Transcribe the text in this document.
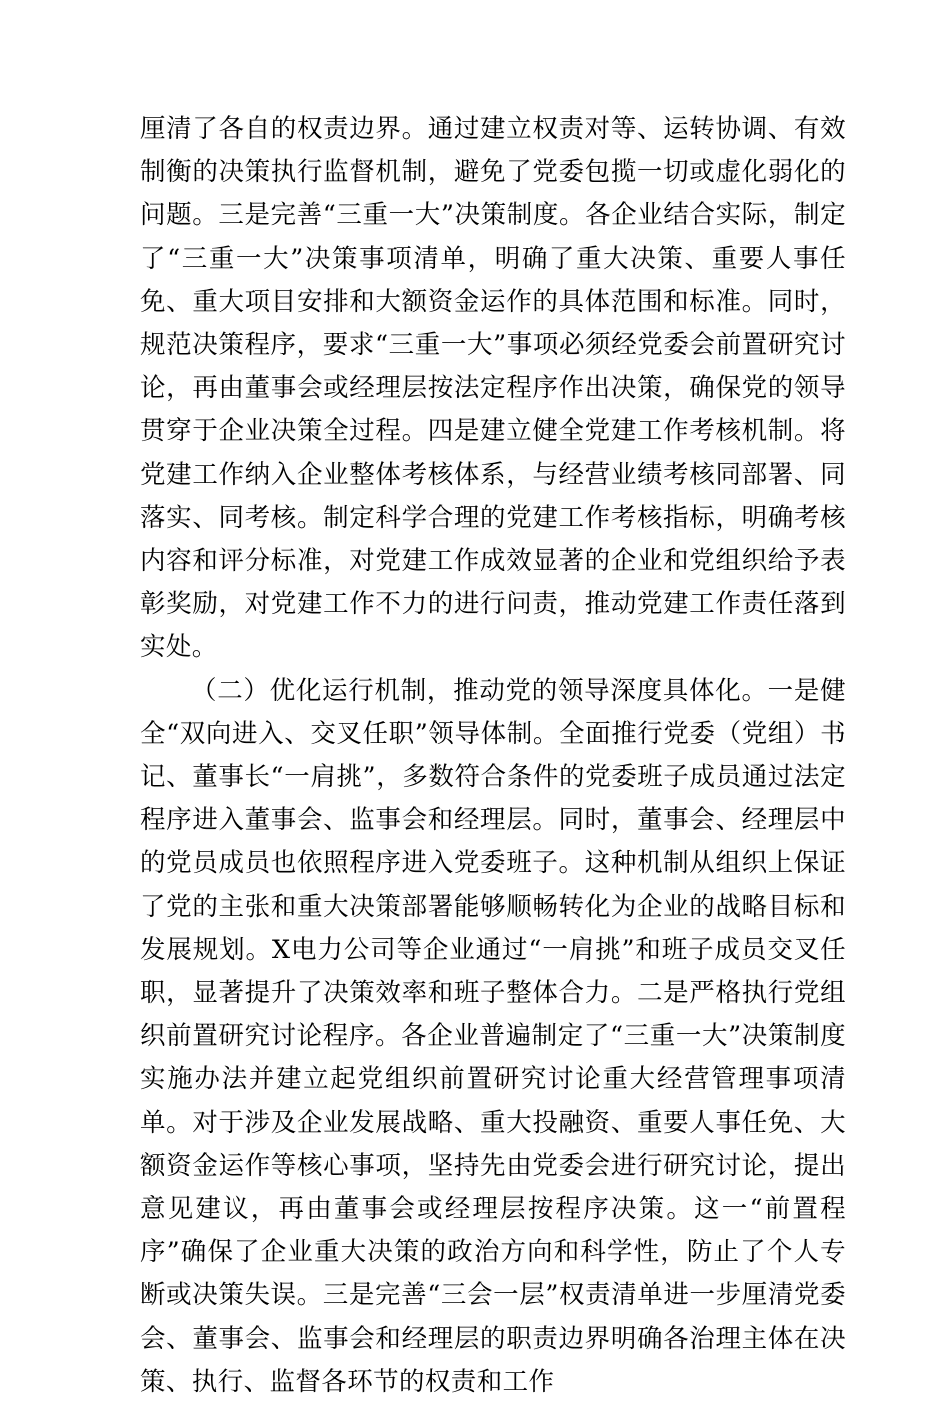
厘清了各自的权责边界。通过建立权责对等、运转协调、有效制衡的决策执行监督机制，避免了党委包揽一切或虚化弱化的问题。三是完善“三重一大”决策制度。各企业结合实际，制定了“三重一大”决策事项清单，明确了重大决策、重要人事任免、重大项目安排和大额资金运作的具体范围和标准。同时，规范决策程序，要求“三重一大”事项必须经党委会前置研究讨论，再由董事会或经理层按法定程序作出决策，确保党的领导贯穿于企业决策全过程。四是建立健全党建工作考核机制。将党建工作纳入企业整体考核体系，与经营业绩考核同部署、同落实、同考核。制定科学合理的党建工作考核指标，明确考核内容和评分标准，对党建工作成效显著的企业和党组织给予表彰奖励，对党建工作不力的进行问责，推动党建工作责任落到实处。

（二）优化运行机制，推动党的领导深度具体化。一是健全“双向进入、交叉任职”领导体制。全面推行党委（党组）书记、董事长“一肩挑”，多数符合条件的党委班子成员通过法定程序进入董事会、监事会和经理层。同时，董事会、经理层中的党员成员也依照程序进入党委班子。这种机制从组织上保证了党的主张和重大决策部署能够顺畅转化为企业的战略目标和发展规划。X电力公司等企业通过“一肩挑”和班子成员交叉任职，显著提升了决策效率和班子整体合力。二是严格执行党组织前置研究讨论程序。各企业普遍制定了“三重一大”决策制度实施办法并建立起党组织前置研究讨论重大经营管理事项清单。对于涉及企业发展战略、重大投融资、重要人事任免、大额资金运作等核心事项，坚持先由党委会进行研究讨论，提出意见建议，再由董事会或经理层按程序决策。这一“前置程序”确保了企业重大决策的政治方向和科学性，防止了个人专断或决策失误。三是完善“三会一层”权责清单进一步厘清党委会、董事会、监事会和经理层的职责边界明确各治理主体在决策、执行、监督各环节的权责和工作
